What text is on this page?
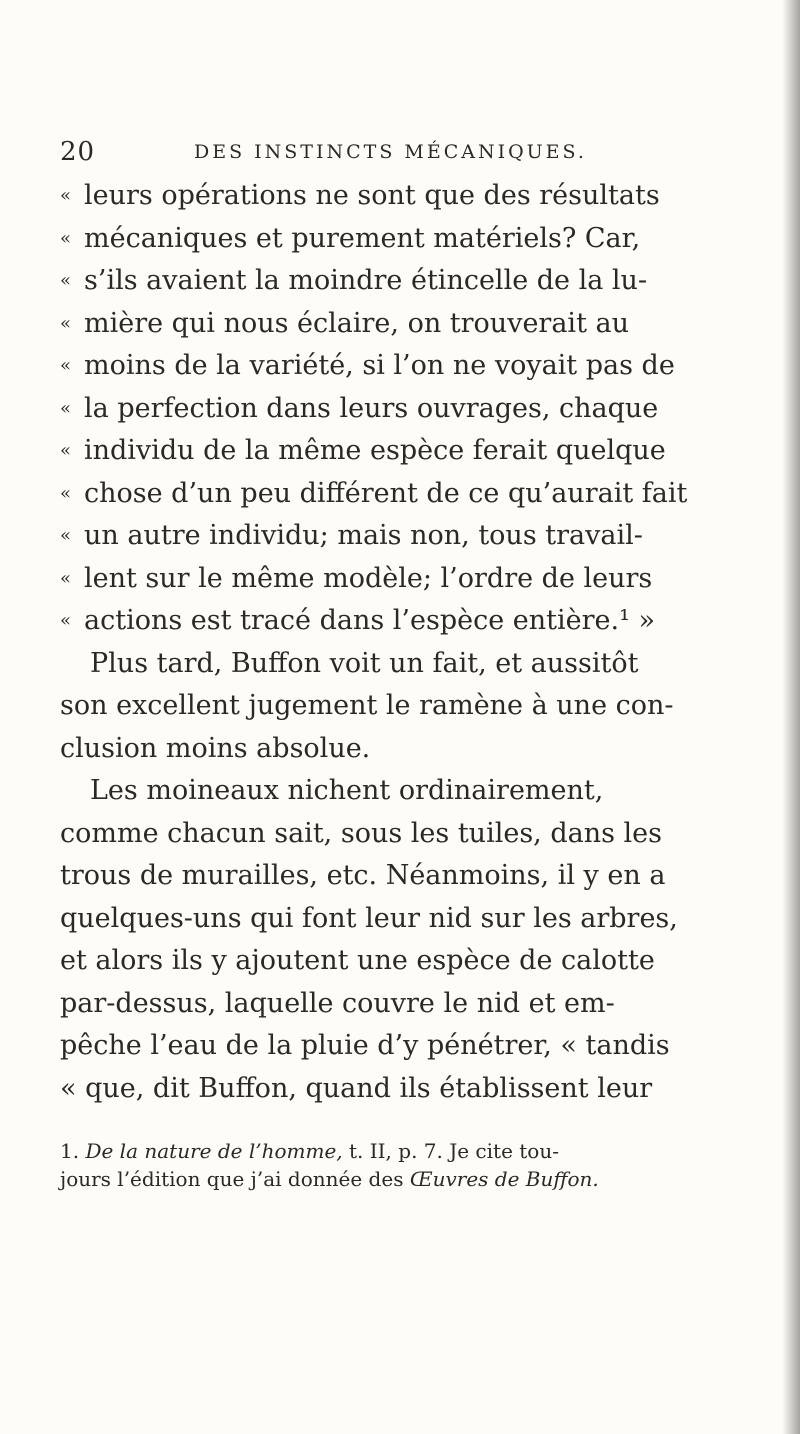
20	DES INSTINCTS MÉCANIQUES.
« leurs opérations ne sont que des résultats
« mécaniques et purement matériels? Car,
« s’ils avaient la moindre étincelle de la lu-
« mière qui nous éclaire, on trouverait au
« moins de la variété, si l’on ne voyait pas de
« la perfection dans leurs ouvrages, chaque
« individu de la même espèce ferait quelque
« chose d’un peu différent de ce qu’aurait fait
« un autre individu; mais non, tous travail-
« lent sur le même modèle; l’ordre de leurs
« actions est tracé dans l’espèce entière.¹ »
Plus tard, Buffon voit un fait, et aussitôt
son excellent jugement le ramène à une con-
clusion moins absolue.
Les moineaux nichent ordinairement,
comme chacun sait, sous les tuiles, dans les
trous de murailles, etc. Néanmoins, il y en a
quelques-uns qui font leur nid sur les arbres,
et alors ils y ajoutent une espèce de calotte
par-dessus, laquelle couvre le nid et em-
pêche l’eau de la pluie d’y pénétrer, « tandis
« que, dit Buffon, quand ils établissent leur
1. De la nature de l’homme, t. II, p. 7. Je cite tou-
jours l’édition que j’ai donnée des Œuvres de Buffon.
